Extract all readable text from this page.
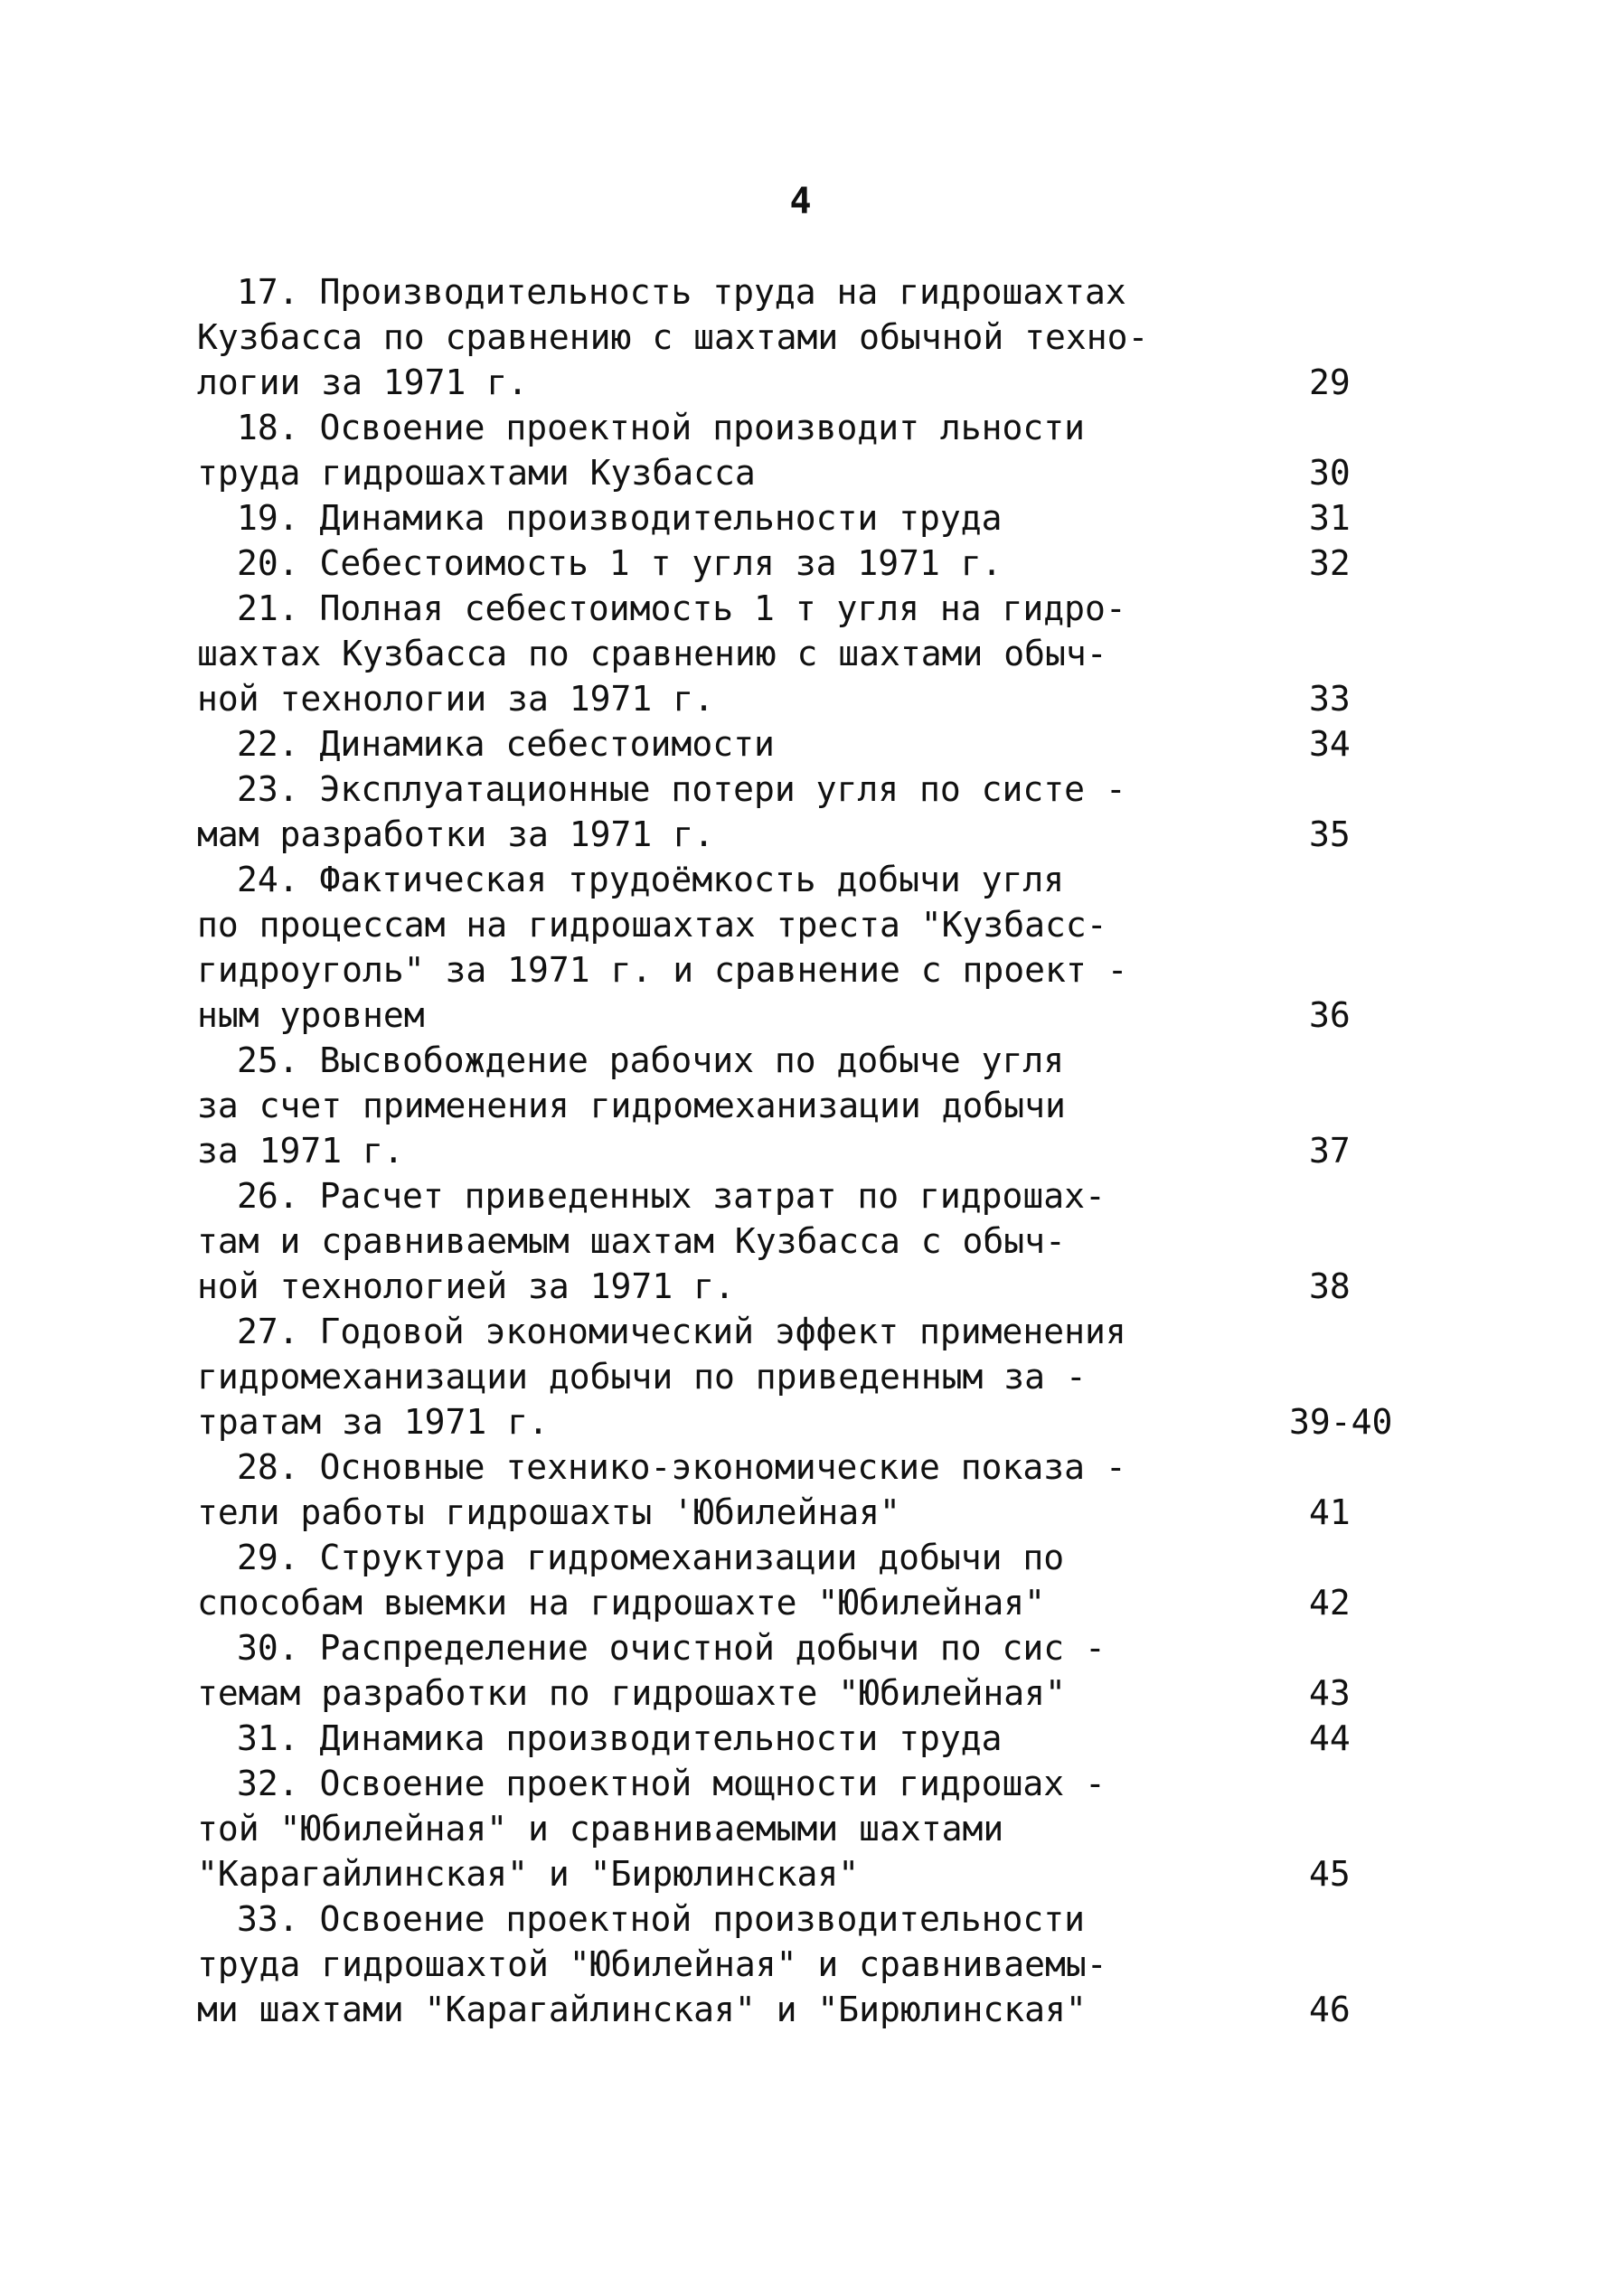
4
17. Производительность труда на гидрошахтах
Кузбасса по сравнению с шахтами обычной техно-
логии за 1971 г.	29
18. Освоение проектной производит льности
труда гидрошахтами Кузбасса	30
19. Динамика производительности труда	31
20. Себестоимость 1 т угля за 1971 г.	32
21. Полная себестоимость 1 т угля на гидро-
шахтах Кузбасса по сравнению с шахтами обыч-
ной технологии за 1971 г.	33
22. Динамика себестоимости	34
23. Эксплуатационные потери угля по систе -
мам разработки за 1971 г.	35
24. Фактическая трудоёмкость добычи угля
по процессам на гидрошахтах треста "Кузбасс-
гидроуголь" за 1971 г. и сравнение с проект -
ным уровнем	36
25. Высвобождение рабочих по добыче угля
за счет применения гидромеханизации добычи
за 1971 г.	37
26. Расчет приведенных затрат по гидрошах-
там и сравниваемым шахтам Кузбасса с обыч-
ной технологией за 1971 г.	38
27. Годовой экономический эффект применения
гидромеханизации добычи по приведенным за -
тратам за 1971 г.	39-40
28. Основные технико-экономические показа -
тели работы гидрошахты 'Юбилейная"	41
29. Структура гидромеханизации добычи по
способам выемки на гидрошахте "Юбилейная"	42
30. Распределение очистной добычи по сис -
темам разработки по гидрошахте "Юбилейная"	43
31. Динамика производительности труда	44
32. Освоение проектной мощности гидрошах -
той "Юбилейная" и сравниваемыми шахтами
"Карагайлинская" и "Бирюлинская"	45
33. Освоение проектной производительности
труда гидрошахтой "Юбилейная" и сравниваемы-
ми шахтами "Карагайлинская" и "Бирюлинская"	46
